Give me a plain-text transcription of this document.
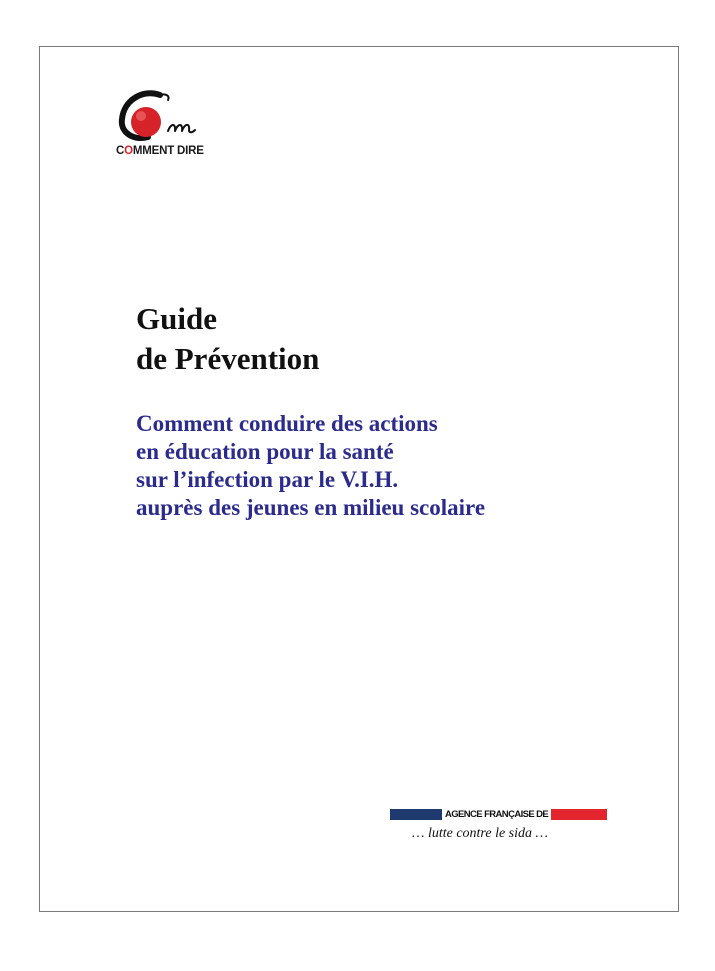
COMMENT DIRE
Guide
de Prévention
Comment conduire des actions
en éducation pour la santé
sur l’infection par le V.I.H.
auprès des jeunes en milieu scolaire
AGENCE FRANÇAISE DE
… lutte contre le sida …
